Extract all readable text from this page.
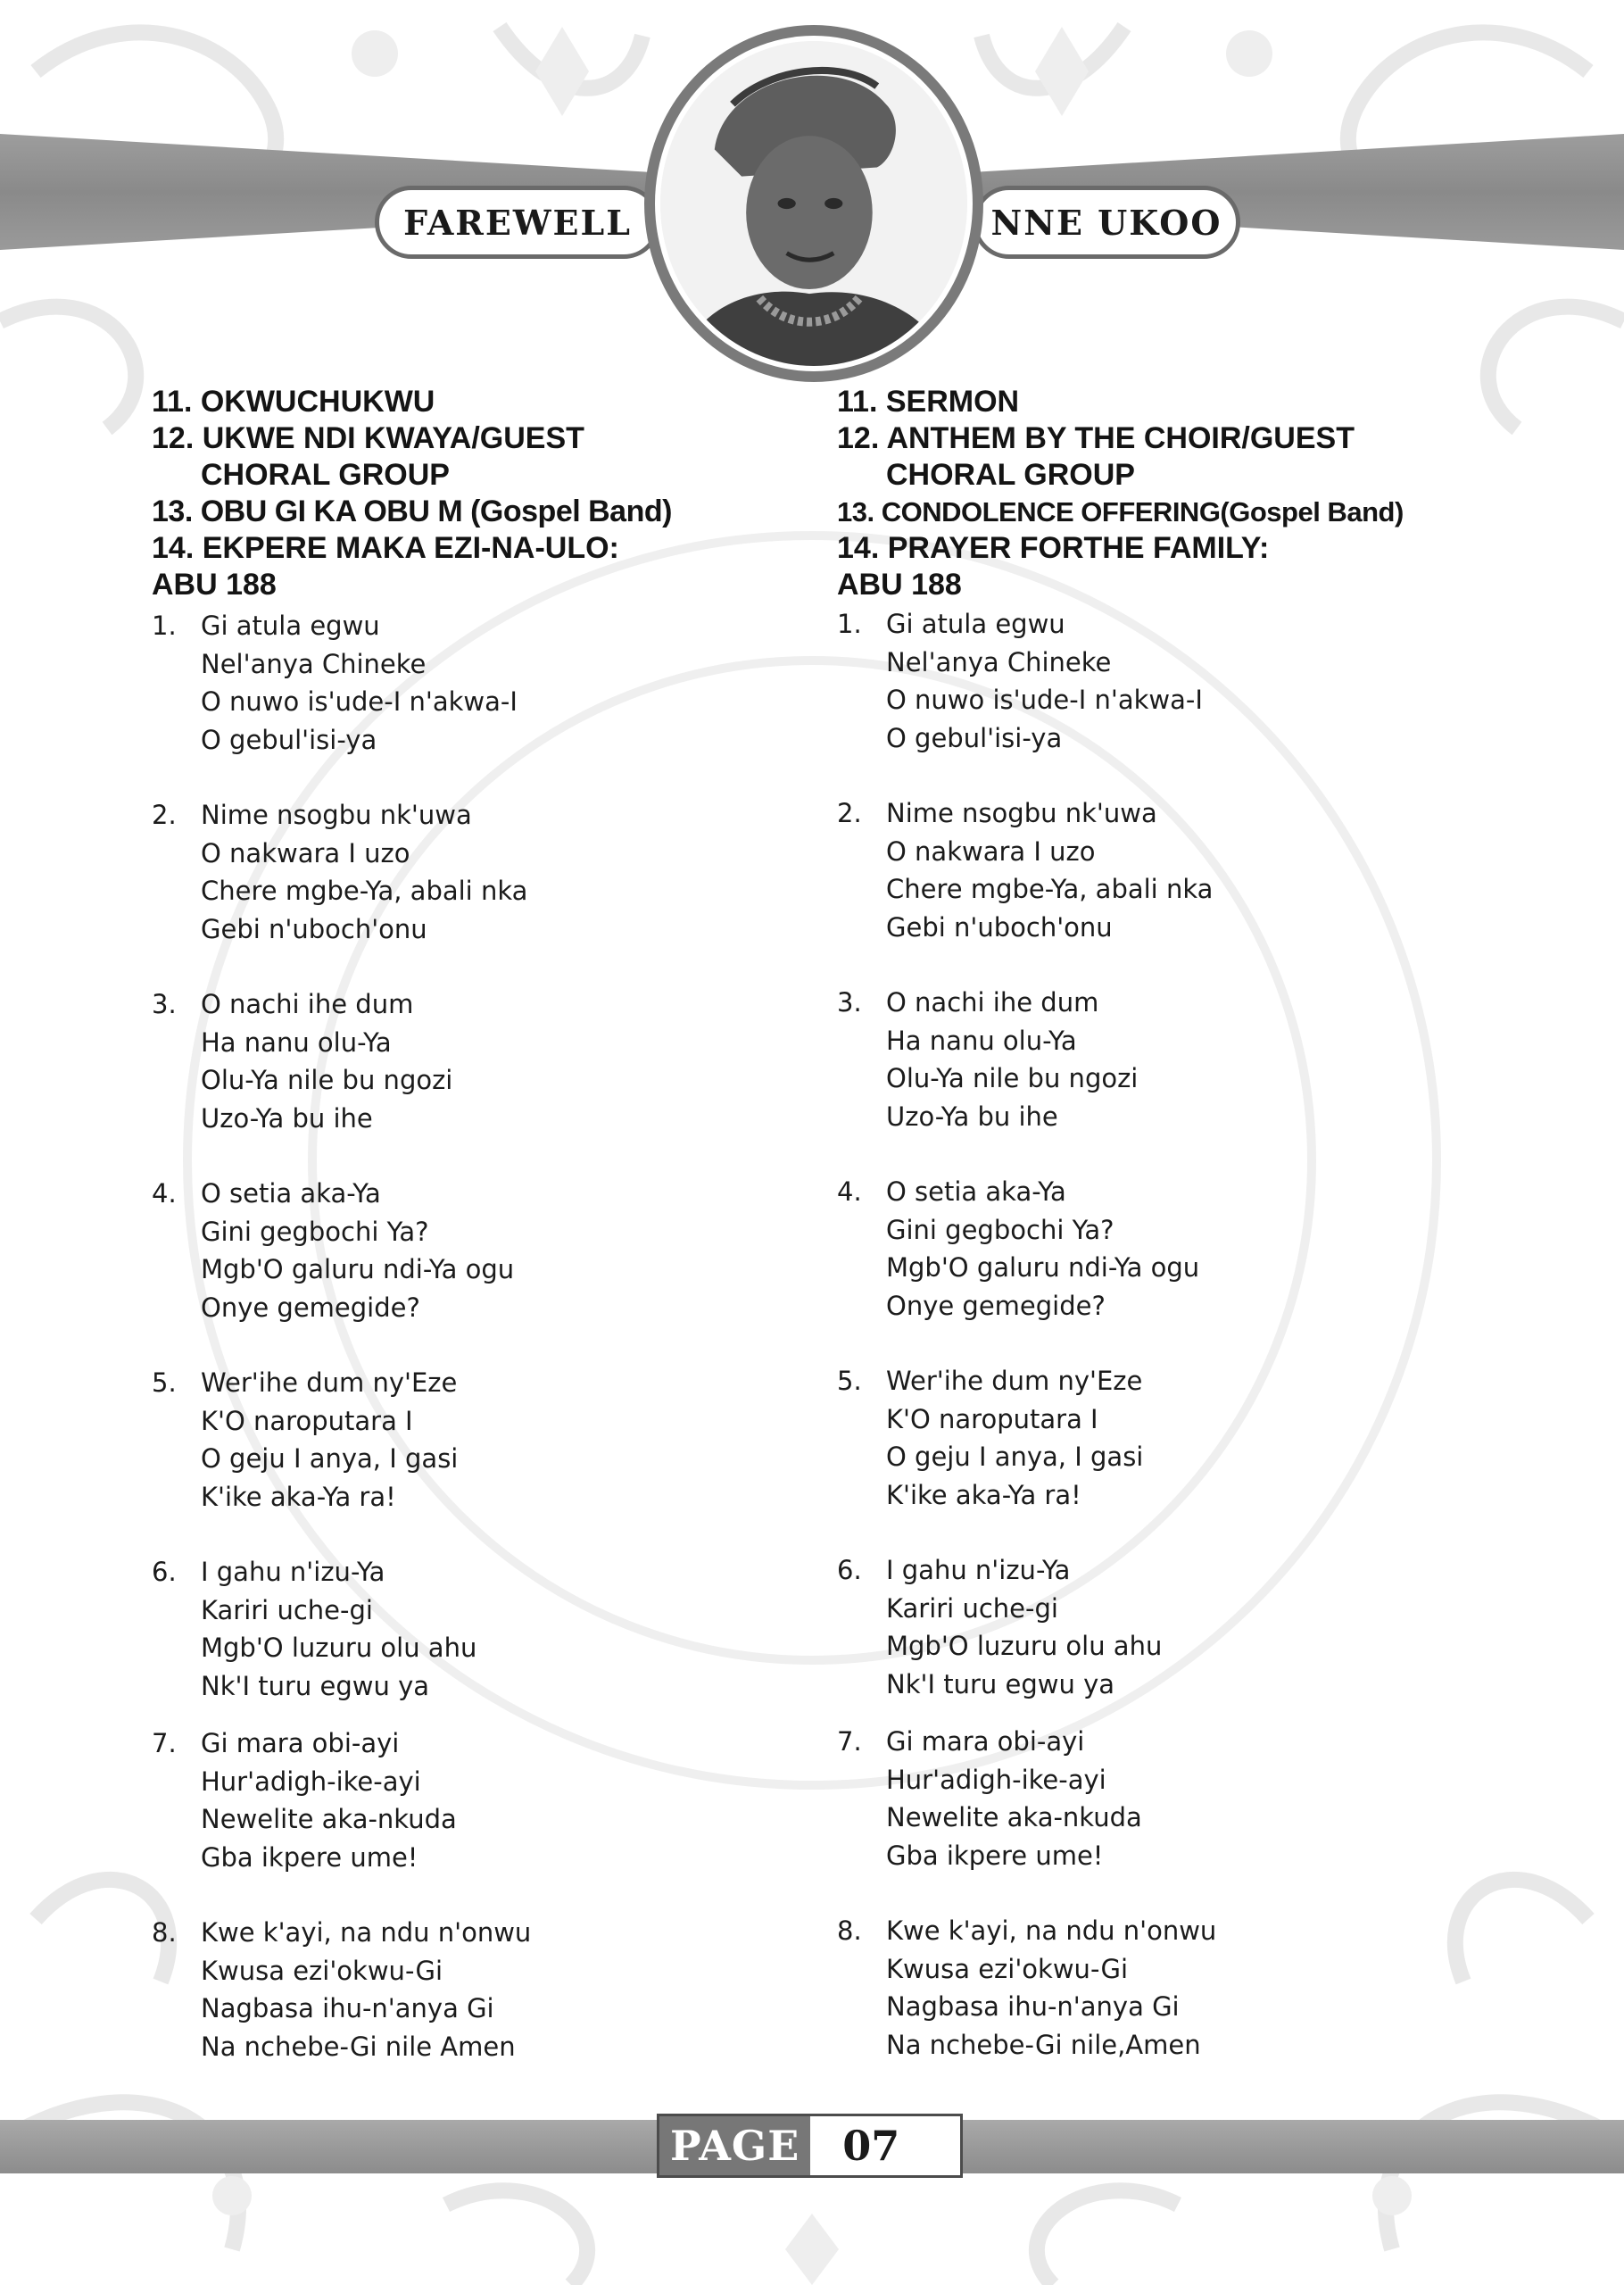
FAREWELL	NNE UKOO
11. OKWUCHUKWU
12. UKWE NDI KWAYA/GUEST
CHORAL GROUP
13. OBU GI KA OBU M (Gospel Band)
14. EKPERE MAKA EZI-NA-ULO:
ABU 188
1. Gi atula egwu
Nel'anya Chineke
O nuwo is'ude-I n'akwa-I
O gebul'isi-ya
2. Nime nsogbu nk'uwa
O nakwara I uzo
Chere mgbe-Ya, abali nka
Gebi n'uboch'onu
3. O nachi ihe dum
Ha nanu olu-Ya
Olu-Ya nile bu ngozi
Uzo-Ya bu ihe
4. O setia aka-Ya
Gini gegbochi Ya?
Mgb'O galuru ndi-Ya ogu
Onye gemegide?
5. Wer'ihe dum ny'Eze
K'O naroputara I
O geju I anya, I gasi
K'ike aka-Ya ra!
6. I gahu n'izu-Ya
Kariri uche-gi
Mgb'O luzuru olu ahu
Nk'I turu egwu ya
7. Gi mara obi-ayi
Hur'adigh-ike-ayi
Newelite aka-nkuda
Gba ikpere ume!
8. Kwe k'ayi, na ndu n'onwu
Kwusa ezi'okwu-Gi
Nagbasa ihu-n'anya Gi
Na nchebe-Gi nile Amen
11. SERMON
12. ANTHEM BY THE CHOIR/GUEST
CHORAL GROUP
13. CONDOLENCE OFFERING(Gospel Band)
14. PRAYER FORTHE FAMILY:
ABU 188
1. Gi atula egwu
Nel'anya Chineke
O nuwo is'ude-I n'akwa-I
O gebul'isi-ya
2. Nime nsogbu nk'uwa
O nakwara I uzo
Chere mgbe-Ya, abali nka
Gebi n'uboch'onu
3. O nachi ihe dum
Ha nanu olu-Ya
Olu-Ya nile bu ngozi
Uzo-Ya bu ihe
4. O setia aka-Ya
Gini gegbochi Ya?
Mgb'O galuru ndi-Ya ogu
Onye gemegide?
5. Wer'ihe dum ny'Eze
K'O naroputara I
O geju I anya, I gasi
K'ike aka-Ya ra!
6. I gahu n'izu-Ya
Kariri uche-gi
Mgb'O luzuru olu ahu
Nk'I turu egwu ya
7. Gi mara obi-ayi
Hur'adigh-ike-ayi
Newelite aka-nkuda
Gba ikpere ume!
8. Kwe k'ayi, na ndu n'onwu
Kwusa ezi'okwu-Gi
Nagbasa ihu-n'anya Gi
Na nchebe-Gi nile,Amen
PAGE	07
